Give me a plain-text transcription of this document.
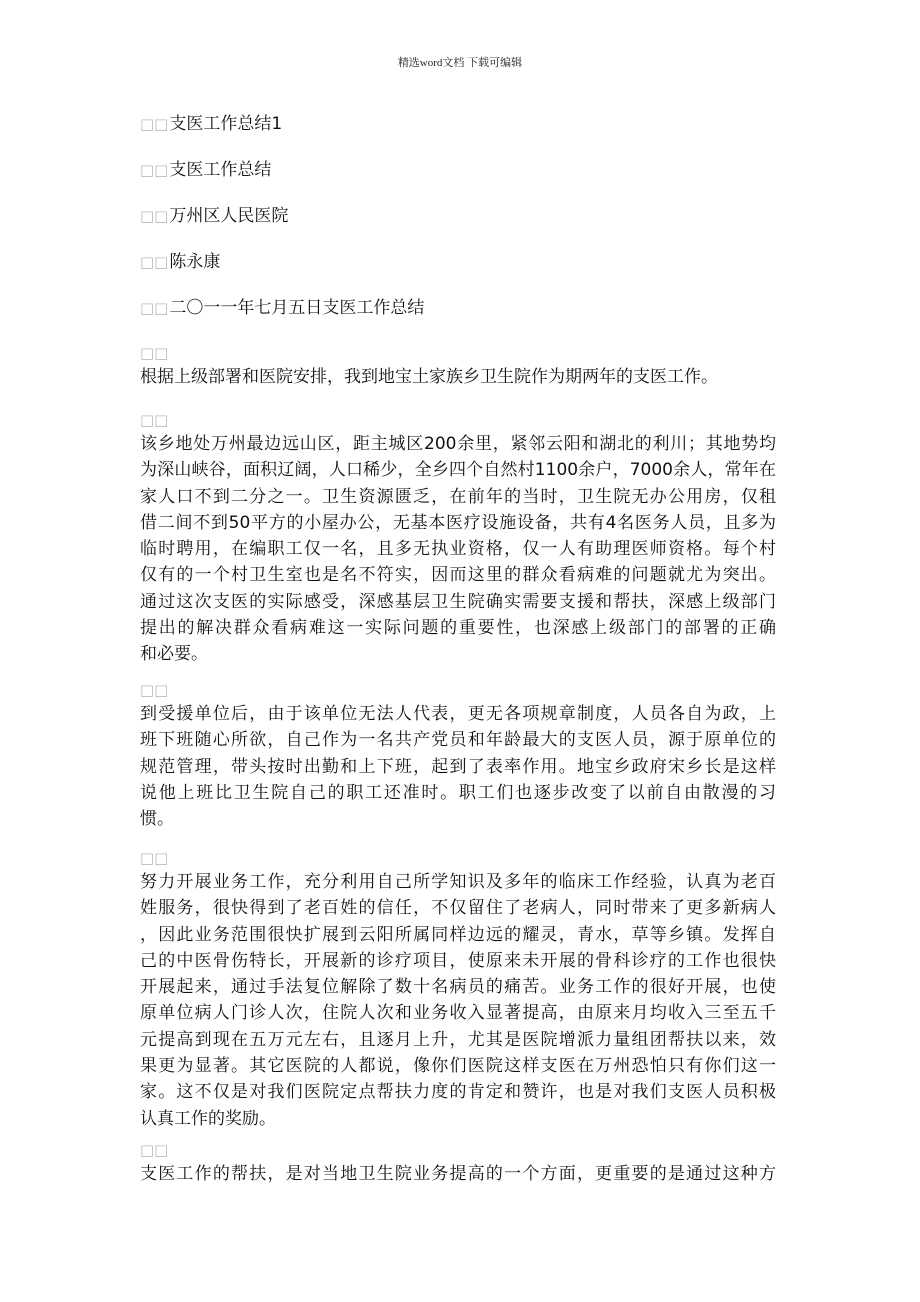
精选word文档 下载可编辑
□□支医工作总结1
□□支医工作总结
□□万州区人民医院
□□陈永康
□□二〇一一年七月五日支医工作总结
□□
根据上级部署和医院安排，我到地宝土家族乡卫生院作为期两年的支医工作。
□□
该乡地处万州最边远山区，距主城区200余里，紧邻云阳和湖北的利川；其地势均
为深山峡谷，面积辽阔，人口稀少，全乡四个自然村1100余户，7000余人，常年在
家人口不到二分之一。卫生资源匮乏，在前年的当时，卫生院无办公用房，仅租
借二间不到50平方的小屋办公，无基本医疗设施设备，共有4名医务人员，且多为
临时聘用，在编职工仅一名，且多无执业资格，仅一人有助理医师资格。每个村
仅有的一个村卫生室也是名不符实，因而这里的群众看病难的问题就尤为突出。
通过这次支医的实际感受，深感基层卫生院确实需要支援和帮扶，深感上级部门
提出的解决群众看病难这一实际问题的重要性，也深感上级部门的部署的正确
和必要。
□□
到受援单位后，由于该单位无法人代表，更无各项规章制度，人员各自为政，上
班下班随心所欲，自己作为一名共产党员和年龄最大的支医人员，源于原单位的
规范管理，带头按时出勤和上下班，起到了表率作用。地宝乡政府宋乡长是这样
说他上班比卫生院自己的职工还准时。职工们也逐步改变了以前自由散漫的习
惯。
□□
努力开展业务工作，充分利用自己所学知识及多年的临床工作经验，认真为老百
姓服务，很快得到了老百姓的信任，不仅留住了老病人，同时带来了更多新病人
，因此业务范围很快扩展到云阳所属同样边远的耀灵，青水，草等乡镇。发挥自
己的中医骨伤特长，开展新的诊疗项目，使原来未开展的骨科诊疗的工作也很快
开展起来，通过手法复位解除了数十名病员的痛苦。业务工作的很好开展，也使
原单位病人门诊人次，住院人次和业务收入显著提高，由原来月均收入三至五千
元提高到现在五万元左右，且逐月上升，尤其是医院增派力量组团帮扶以来，效
果更为显著。其它医院的人都说，像你们医院这样支医在万州恐怕只有你们这一
家。这不仅是对我们医院定点帮扶力度的肯定和赞许，也是对我们支医人员积极
认真工作的奖励。
□□
支医工作的帮扶，是对当地卫生院业务提高的一个方面，更重要的是通过这种方
